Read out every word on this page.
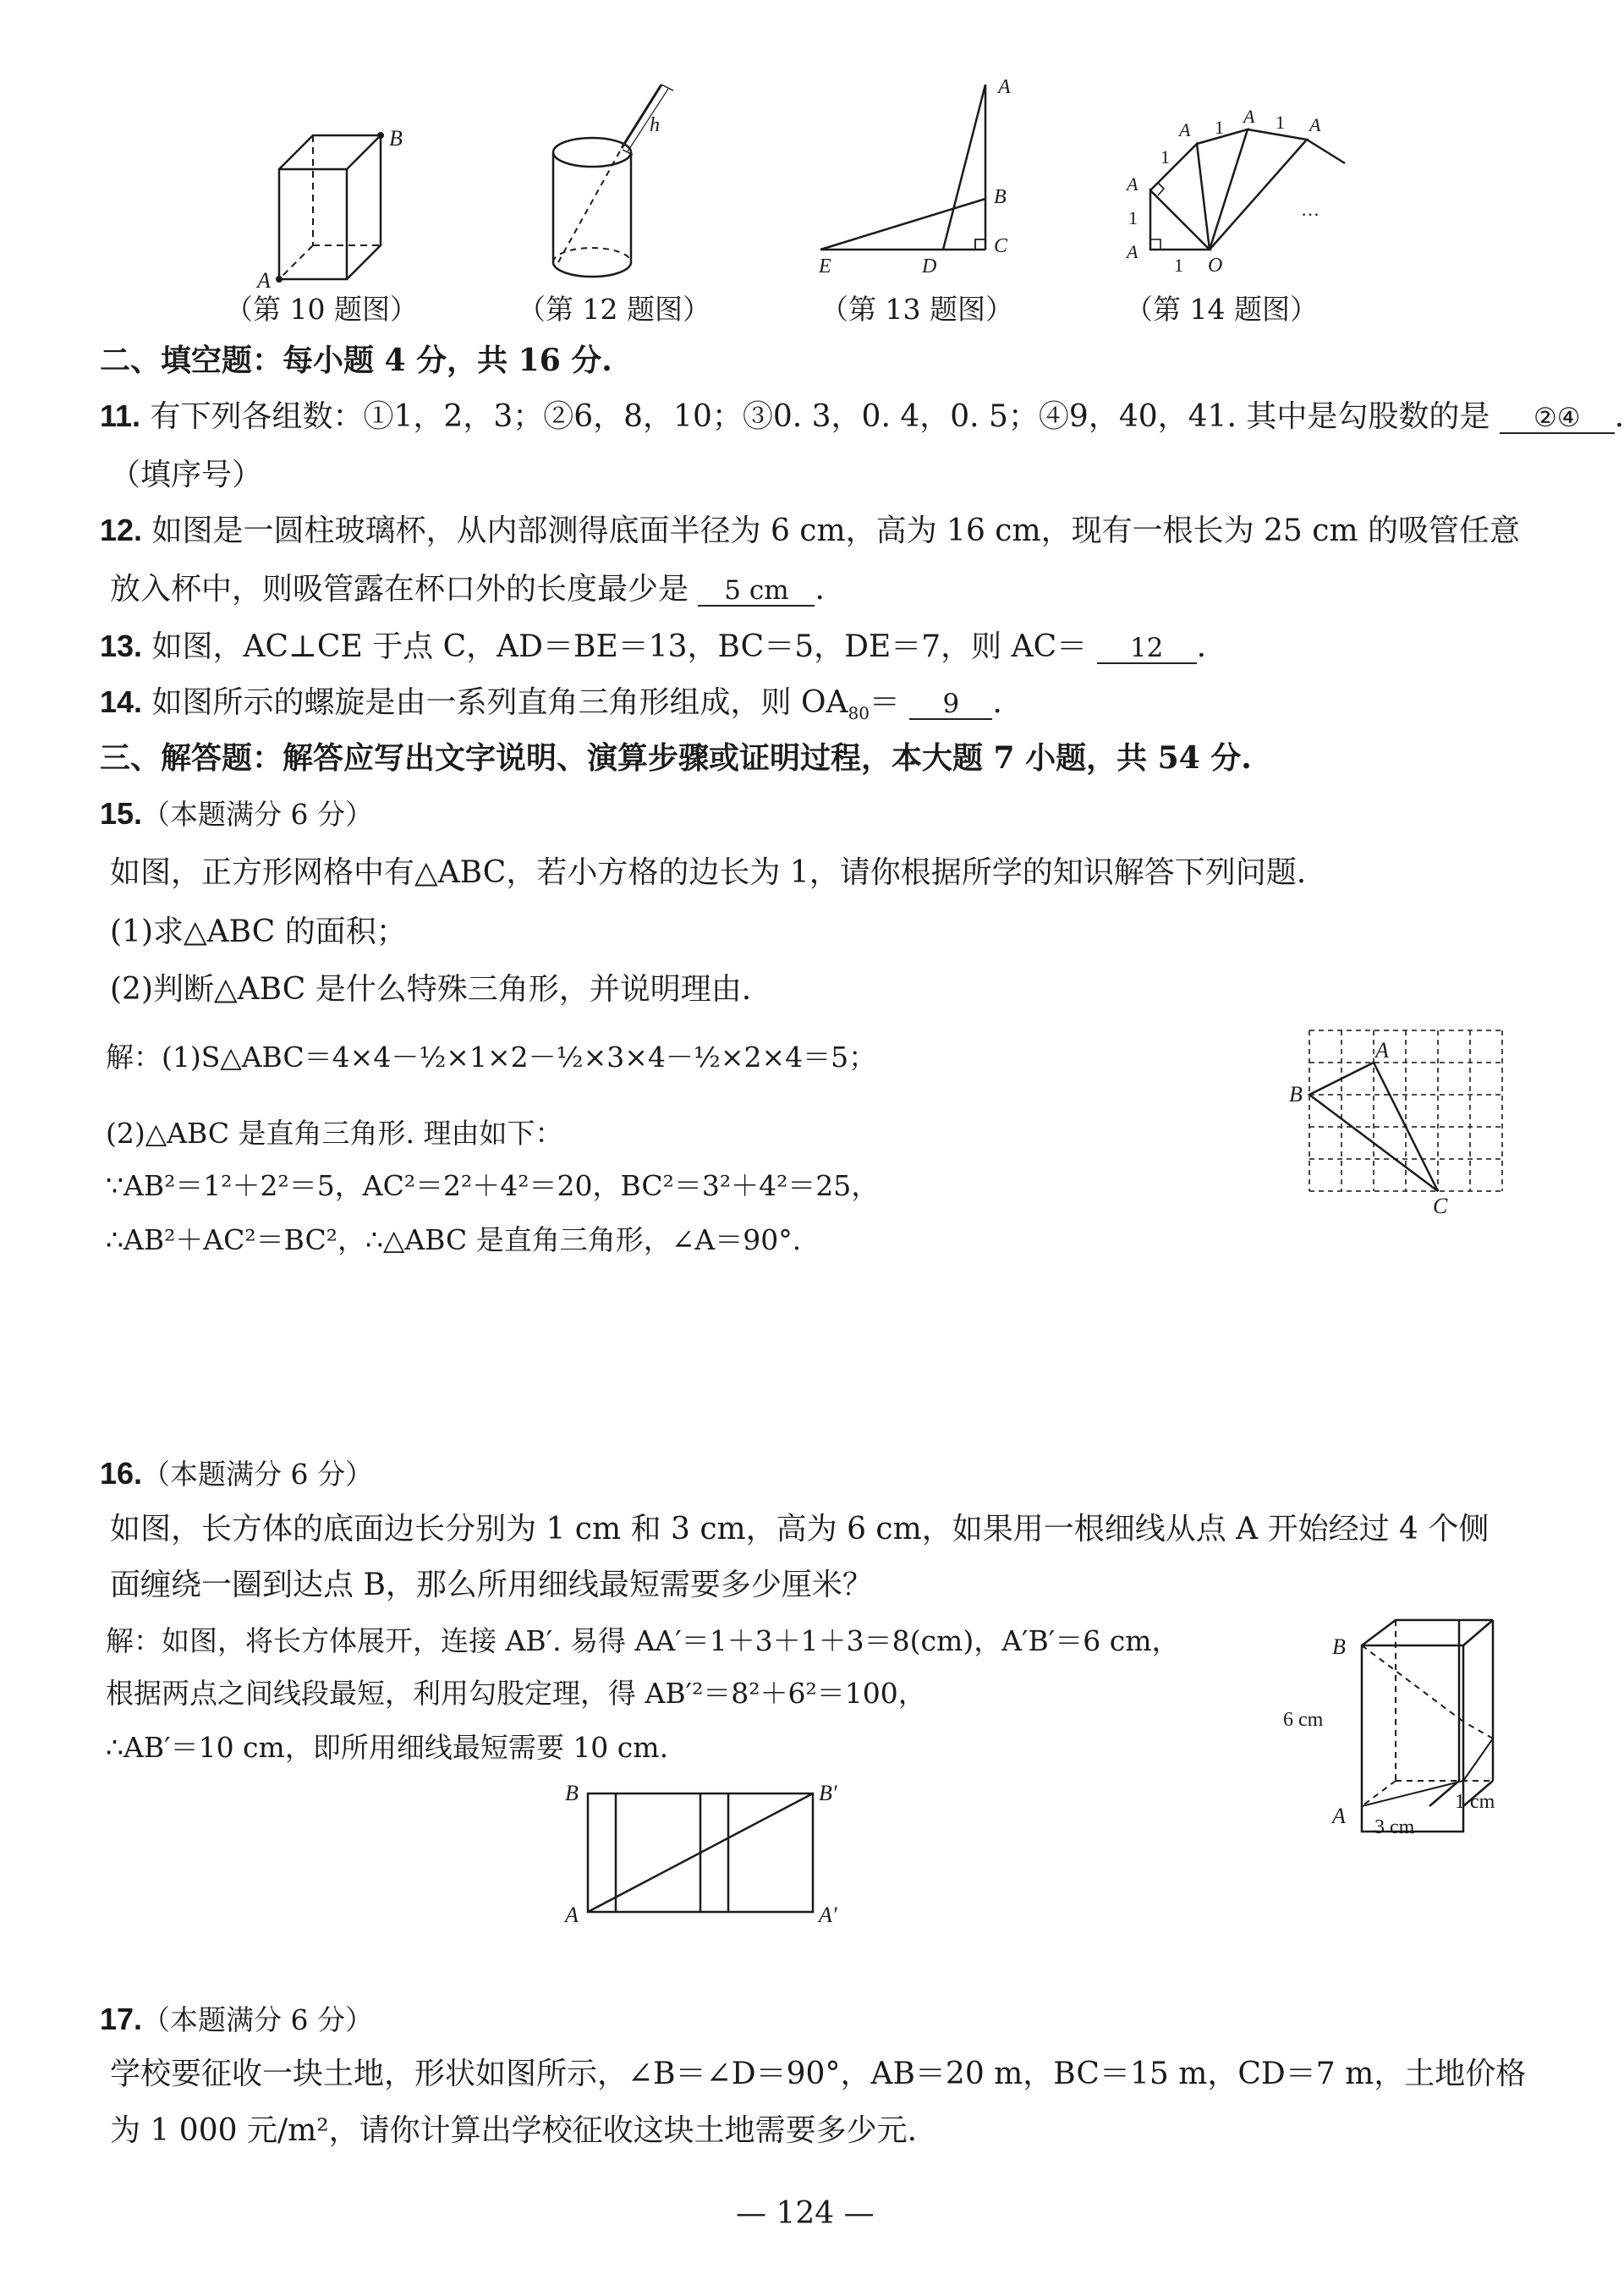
A
B
（第 10 题图）
h
（第 12 题图）
A
B
C
D
E
（第 13 题图）
A
A
A
A	A
O
1
1
1
1	1
…
（第 14 题图）
二、填空题：每小题 4 分，共 16 分.
11. 有下列各组数：①1，2，3；②6，8，10；③0. 3，0. 4，0. 5；④9，40，41. 其中是勾股数的是 ②④ .
（填序号）
12. 如图是一圆柱玻璃杯，从内部测得底面半径为 6 cm，高为 16 cm，现有一根长为 25 cm 的吸管任意
放入杯中，则吸管露在杯口外的长度最少是 5 cm .
13. 如图，AC⊥CE 于点 C，AD＝BE＝13，BC＝5，DE＝7，则 AC＝ 12 .
14. 如图所示的螺旋是由一系列直角三角形组成，则 $OA_{80}= 9$ .
三、解答题：解答应写出文字说明、演算步骤或证明过程，本大题 7 小题，共 54 分.
15.（本题满分 6 分）
如图，正方形网格中有△ABC，若小方格的边长为 1，请你根据所学的知识解答下列问题.
(1)求△ABC 的面积；
(2)判断△ABC 是什么特殊三角形，并说明理由.
解：(1)S△ABC＝4×4－½×1×2－½×3×4－½×2×4＝5；
(2)△ABC 是直角三角形. 理由如下：
∵AB²＝1²＋2²＝5，AC²＝2²＋4²＝20，BC²＝3²＋4²＝25，
∴AB²＋AC²＝BC²，∴△ABC 是直角三角形，∠A＝90°.
A
B
C
16.（本题满分 6 分）
如图，长方体的底面边长分别为 1 cm 和 3 cm，高为 6 cm，如果用一根细线从点 A 开始经过 4 个侧
面缠绕一圈到达点 B，那么所用细线最短需要多少厘米？
解：如图，将长方体展开，连接 AB′. 易得 AA′＝1＋3＋1＋3＝8(cm)，A′B′＝6 cm，
根据两点之间线段最短，利用勾股定理，得 AB′²＝8²＋6²＝100，
∴AB′＝10 cm，即所用细线最短需要 10 cm.
B	B′
A	A′
B
A
6 cm
3 cm
1 cm
17.（本题满分 6 分）
学校要征收一块土地，形状如图所示，∠B＝∠D＝90°，AB＝20 m，BC＝15 m，CD＝7 m，土地价格
为 1 000 元/m²，请你计算出学校征收这块土地需要多少元.
— 124 —
